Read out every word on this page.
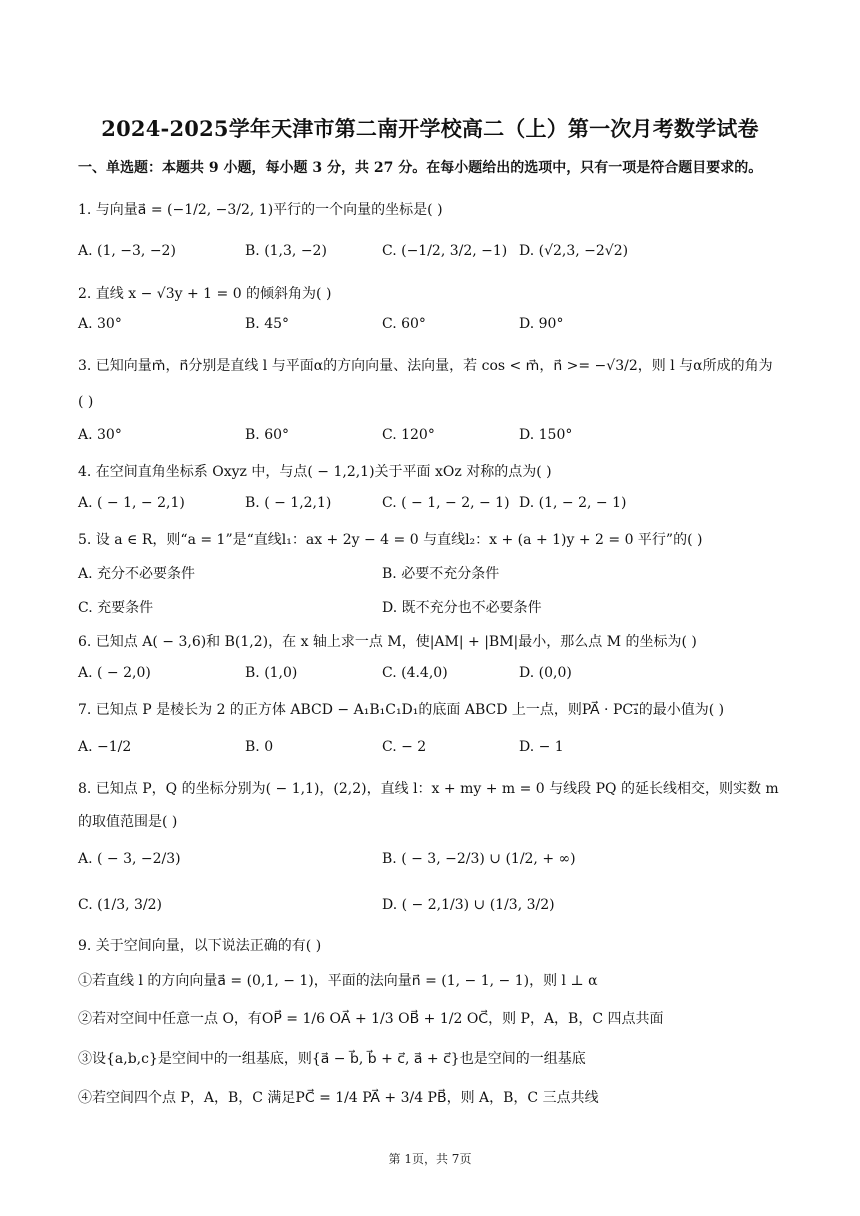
2024-2025学年天津市第二南开学校高二（上）第一次月考数学试卷
一、单选题：本题共 9 小题，每小题 3 分，共 27 分。在每小题给出的选项中，只有一项是符合题目要求的。
1. 与向量a⃗ = (−1/2, −3/2, 1)平行的一个向量的坐标是( )
A. (1, −3, −2)	B. (1,3, −2)	C. (−1/2, 3/2, −1) D. (√2,3, −2√2)
2. 直线 x − √3y + 1 = 0 的倾斜角为( )
A. 30°	B. 45°	C. 60°	D. 90°
3. 已知向量m⃗，n⃗分别是直线 l 与平面α的方向向量、法向量，若 cos < m⃗，n⃗ >= −√3/2，则 l 与α所成的角为
( )
A. 30°	B. 60°	C. 120°	D. 150°
4. 在空间直角坐标系 Oxyz 中，与点( − 1,2,1)关于平面 xOz 对称的点为( )
A. ( − 1, − 2,1)	B. ( − 1,2,1)	C. ( − 1, − 2, − 1) D. (1, − 2, − 1)
5. 设 a ∈ R，则“a = 1”是“直线l₁：ax + 2y − 4 = 0 与直线l₂：x + (a + 1)y + 2 = 0 平行”的( )
A. 充分不必要条件	B. 必要不充分条件
C. 充要条件	D. 既不充分也不必要条件
6. 已知点 A( − 3,6)和 B(1,2)，在 x 轴上求一点 M，使|AM| + |BM|最小，那么点 M 的坐标为( )
A. ( − 2,0)	B. (1,0)	C. (4.4,0)	D. (0,0)
7. 已知点 P 是棱长为 2 的正方体 ABCD − A₁B₁C₁D₁的底面 ABCD 上一点，则PA⃗ · PC₁⃗的最小值为( )
A. −1/2	B. 0	C. − 2	D. − 1
8. 已知点 P，Q 的坐标分别为( − 1,1)，(2,2)，直线 l：x + my + m = 0 与线段 PQ 的延长线相交，则实数 m
的取值范围是( )
A. ( − 3, −2/3)	B. ( − 3, −2/3) ∪ (1/2, + ∞)
C. (1/3, 3/2)	D. ( − 2,1/3) ∪ (1/3, 3/2)
9. 关于空间向量，以下说法正确的有( )
①若直线 l 的方向向量a⃗ = (0,1, − 1)，平面的法向量n⃗ = (1, − 1, − 1)，则 l ⊥ α
②若对空间中任意一点 O，有OP⃗ = 1/6 OA⃗ + 1/3 OB⃗ + 1/2 OC⃗，则 P，A，B，C 四点共面
③设{a,b,c}是空间中的一组基底，则{a⃗ − b⃗, b⃗ + c⃗, a⃗ + c⃗}也是空间的一组基底
④若空间四个点 P，A，B，C 满足PC⃗ = 1/4 PA⃗ + 3/4 PB⃗，则 A，B，C 三点共线
第 1页，共 7页
